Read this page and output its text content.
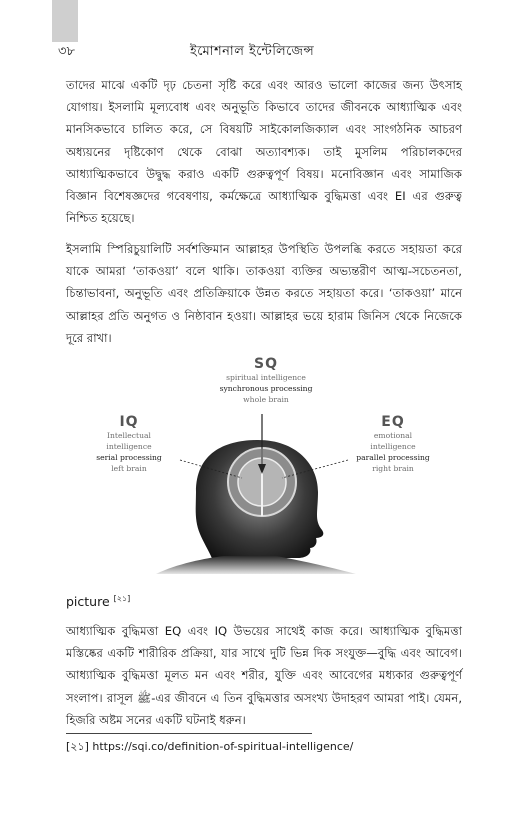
৩৮	ইমোশনাল ইন্টেলিজেন্স

তাদের মাঝে একটি দৃঢ় চেতনা সৃষ্টি করে এবং আরও ভালো কাজের জন্য উৎসাহ যোগায়। ইসলামি মূল্যবোধ এবং অনুভূতি কিভাবে তাদের জীবনকে আধ্যাত্মিক এবং মানসিকভাবে চালিত করে, সে বিষয়টি সাইকোলজিক্যাল এবং সাংগঠনিক আচরণ অধ্যয়নের দৃষ্টিকোণ থেকে বোঝা অত্যাবশ্যক। তাই মুসলিম পরিচালকদের আধ্যাত্মিকভাবে উদ্বুদ্ধ করাও একটি গুরুত্বপূর্ণ বিষয়। মনোবিজ্ঞান এবং সামাজিক বিজ্ঞান বিশেষজ্ঞদের গবেষণায়, কর্মক্ষেত্রে আধ্যাত্মিক বুদ্ধিমত্তা এবং EI এর গুরুত্ব নিশ্চিত হয়েছে।

ইসলামি স্পিরিচুয়ালিটি সর্বশক্তিমান আল্লাহর উপস্থিতি উপলব্ধি করতে সহায়তা করে যাকে আমরা ‘তাকওয়া’ বলে থাকি। তাকওয়া ব্যক্তির অভ্যন্তরীণ আত্ম-সচেতনতা, চিন্তাভাবনা, অনুভূতি এবং প্রতিক্রিয়াকে উন্নত করতে সহায়তা করে। ‘তাকওয়া’ মানে আল্লাহর প্রতি অনুগত ও নিষ্ঠাবান হওয়া। আল্লাহর ভয়ে হারাম জিনিস থেকে নিজেকে দূরে রাখা।

SQ
spiritual intelligence
synchronous processing
whole brain
IQ
Intellectual
intelligence
serial processing
left brain
EQ
emotional
intelligence
parallel processing
right brain
picture [২১]

আধ্যাত্মিক বুদ্ধিমত্তা EQ এবং IQ উভয়ের সাথেই কাজ করে। আধ্যাত্মিক বুদ্ধিমত্তা মস্তিষ্কের একটি শারীরিক প্রক্রিয়া, যার সাথে দুটি ভিন্ন দিক সংযুক্ত—বুদ্ধি এবং আবেগ। আধ্যাত্মিক বুদ্ধিমত্তা মূলত মন এবং শরীর, যুক্তি এবং আবেগের মধ্যকার গুরুত্বপূর্ণ সংলাপ। রাসূল ﷺ-এর জীবনে এ তিন বুদ্ধিমত্তার অসংখ্য উদাহরণ আমরা পাই। যেমন, হিজরি অষ্টম সনের একটি ঘটনাই ধরুন।

[২১] https://sqi.co/definition-of-spiritual-intelligence/
